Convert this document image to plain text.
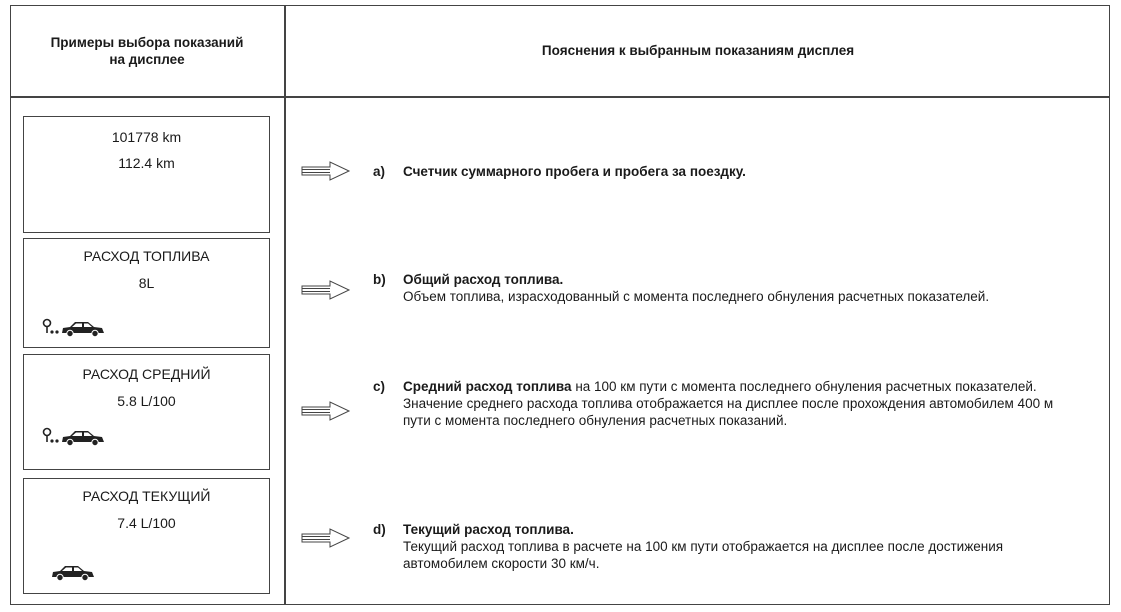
Примеры выбора показаний на дисплее
Пояснения к выбранным показаниям дисплея
101778 km
112.4 km
a) Счетчик суммарного пробега и пробега за поездку.
РАСХОД ТОПЛИВА
8L	b) Общий расход топлива.
Объем топлива, израсходованный с момента последнего обнуления расчетных показателей.
РАСХОД СРЕДНИЙ
5.8 L/100
c) Средний расход топлива на 100 км пути с момента последнего обнуления расчетных показателей. Значение среднего расхода топлива отображается на дисплее после прохождения автомобилем 400 м пути с момента последнего обнуления расчетных показаний.
РАСХОД ТЕКУЩИЙ
7.4 L/100	d) Текущий расход топлива.
Текущий расход топлива в расчете на 100 км пути отображается на дисплее после достижения автомобилем скорости 30 км/ч.
